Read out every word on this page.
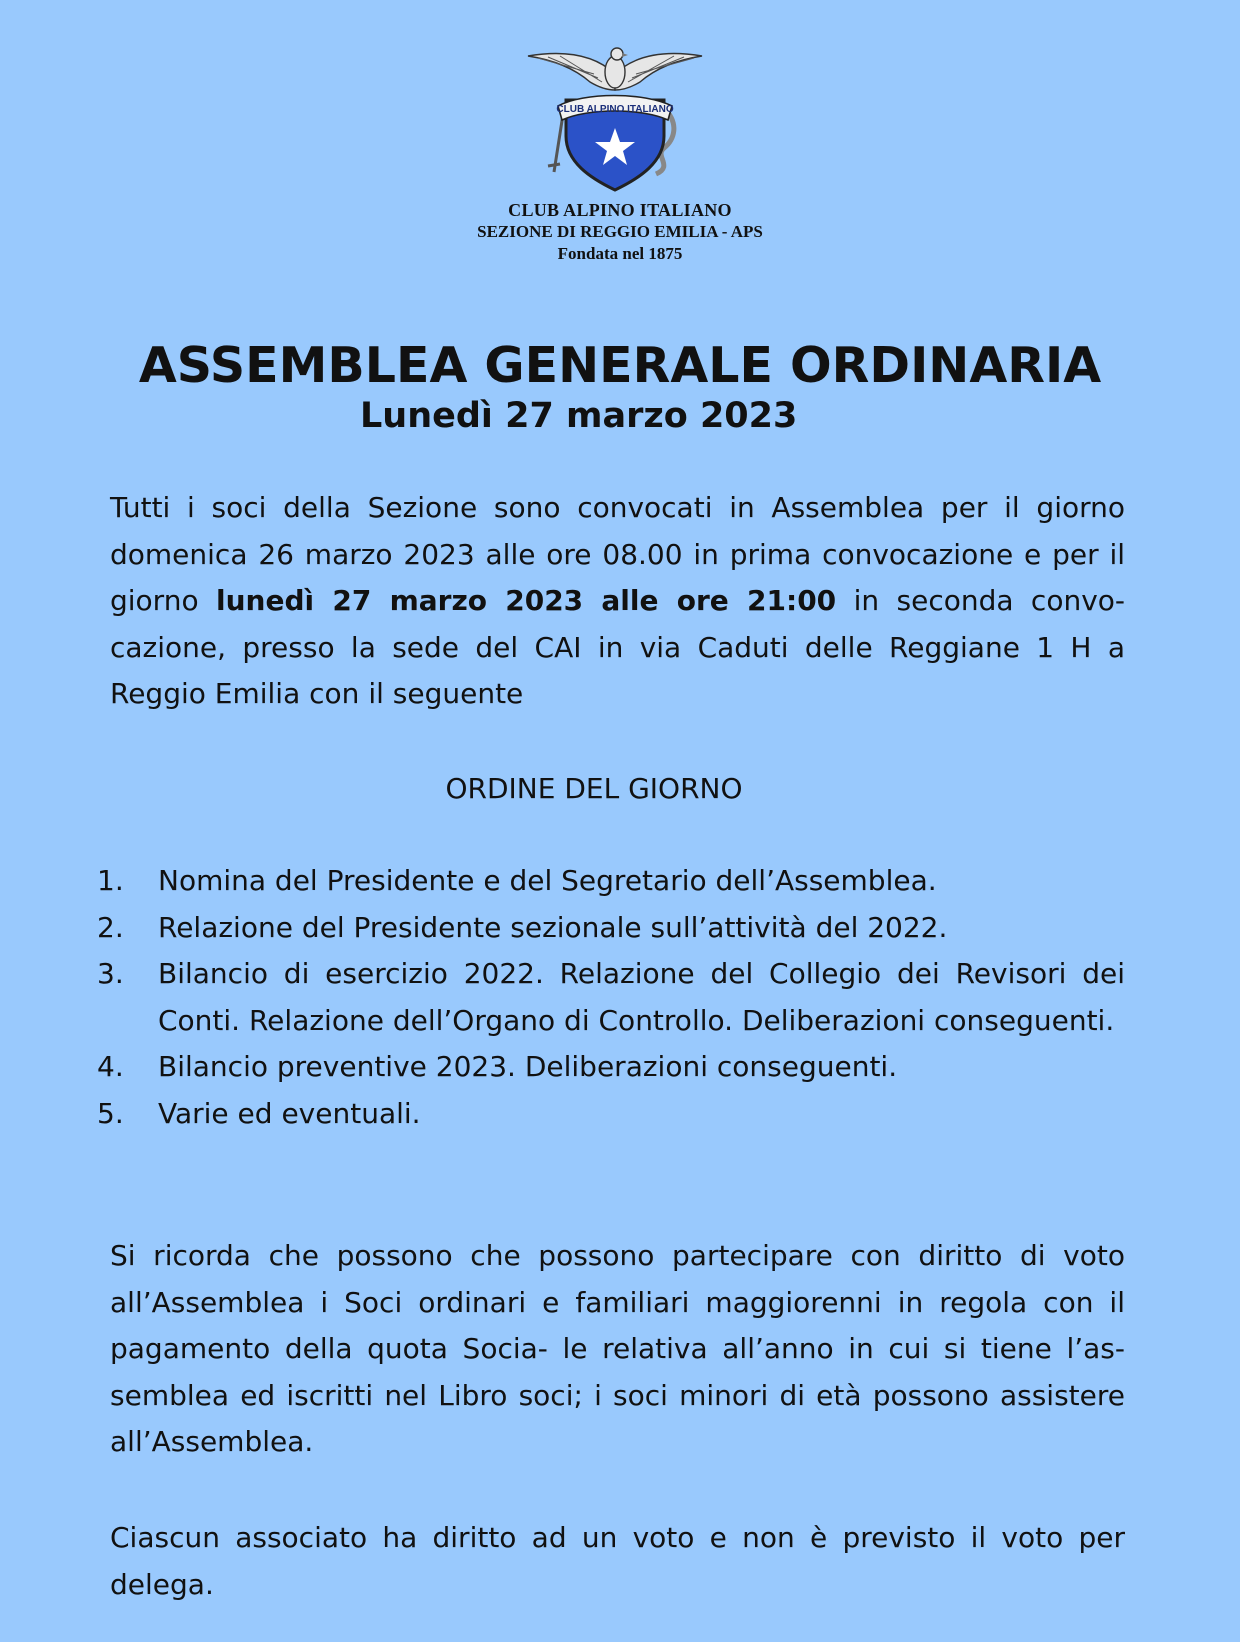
CLUB ALPINO ITALIANO
CLUB ALPINO ITALIANO
SEZIONE DI REGGIO EMILIA - APS
Fondata nel 1875
ASSEMBLEA GENERALE ORDINARIA
Lunedì 27 marzo 2023

Tutti i soci della Sezione sono convocati in Assemblea per il giorno domenica 26 marzo 2023 alle ore 08.00 in prima convocazione e per il giorno lunedì 27 marzo 2023 alle ore 21:00 in seconda convocazione, presso la sede del CAI in via Caduti delle Reggiane 1 H a Reggio Emilia con il seguente

ORDINE DEL GIORNO
1.	Nomina del Presidente e del Segretario dell’Assemblea.
2.	Relazione del Presidente sezionale sull’attività del 2022.
3.	Bilancio di esercizio 2022. Relazione del Collegio dei Revisori dei Conti. Relazione dell’Organo di Controllo. Deliberazioni conseguenti.
4.	Bilancio preventive 2023. Deliberazioni conseguenti.
5.	Varie ed eventuali.

Si ricorda che possono che possono partecipare con diritto di voto all’Assemblea i Soci ordinari e familiari maggiorenni in regola con il pagamento della quota Socia- le relativa all’anno in cui si tiene l’assemblea ed iscritti nel Libro soci; i soci minori di età possono assistere all’Assemblea.

Ciascun associato ha diritto ad un voto e non è previsto il voto per delega.
